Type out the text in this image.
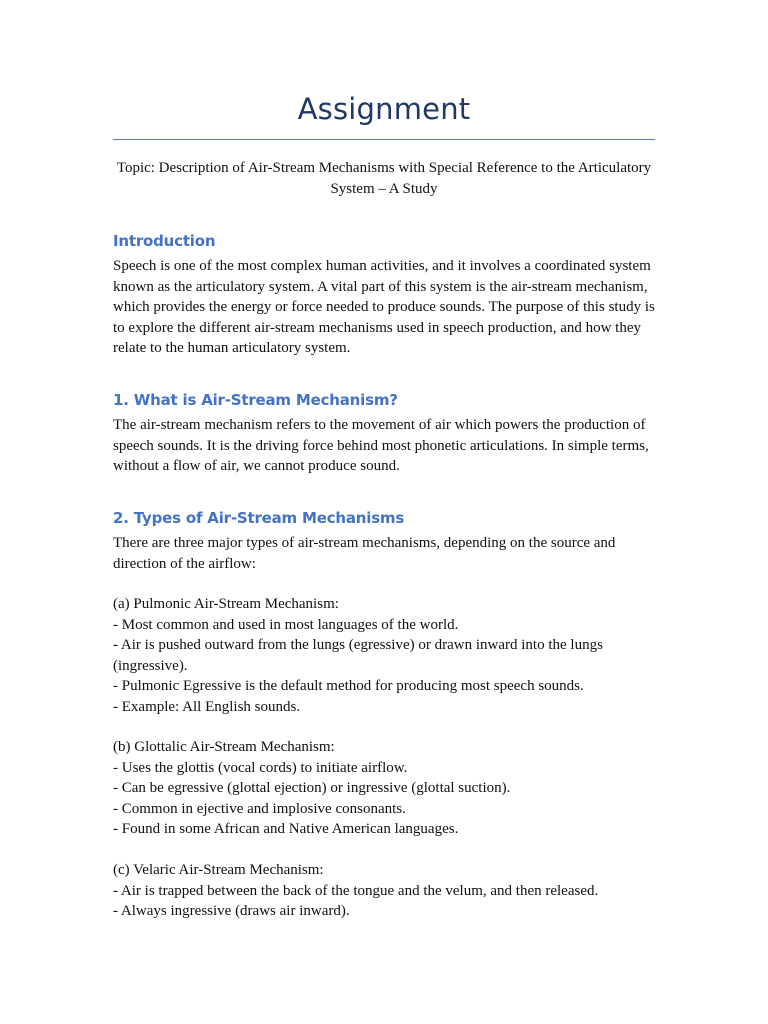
Assignment
Topic: Description of Air-Stream Mechanisms with Special Reference to the Articulatory System – A Study
Introduction
Speech is one of the most complex human activities, and it involves a coordinated system known as the articulatory system. A vital part of this system is the air-stream mechanism, which provides the energy or force needed to produce sounds. The purpose of this study is to explore the different air-stream mechanisms used in speech production, and how they relate to the human articulatory system.
1. What is Air-Stream Mechanism?
The air-stream mechanism refers to the movement of air which powers the production of speech sounds. It is the driving force behind most phonetic articulations. In simple terms, without a flow of air, we cannot produce sound.
2. Types of Air-Stream Mechanisms
There are three major types of air-stream mechanisms, depending on the source and direction of the airflow:
(a) Pulmonic Air-Stream Mechanism:
- Most common and used in most languages of the world.
- Air is pushed outward from the lungs (egressive) or drawn inward into the lungs (ingressive).
- Pulmonic Egressive is the default method for producing most speech sounds.
- Example: All English sounds.
(b) Glottalic Air-Stream Mechanism:
- Uses the glottis (vocal cords) to initiate airflow.
- Can be egressive (glottal ejection) or ingressive (glottal suction).
- Common in ejective and implosive consonants.
- Found in some African and Native American languages.
(c) Velaric Air-Stream Mechanism:
- Air is trapped between the back of the tongue and the velum, and then released.
- Always ingressive (draws air inward).
